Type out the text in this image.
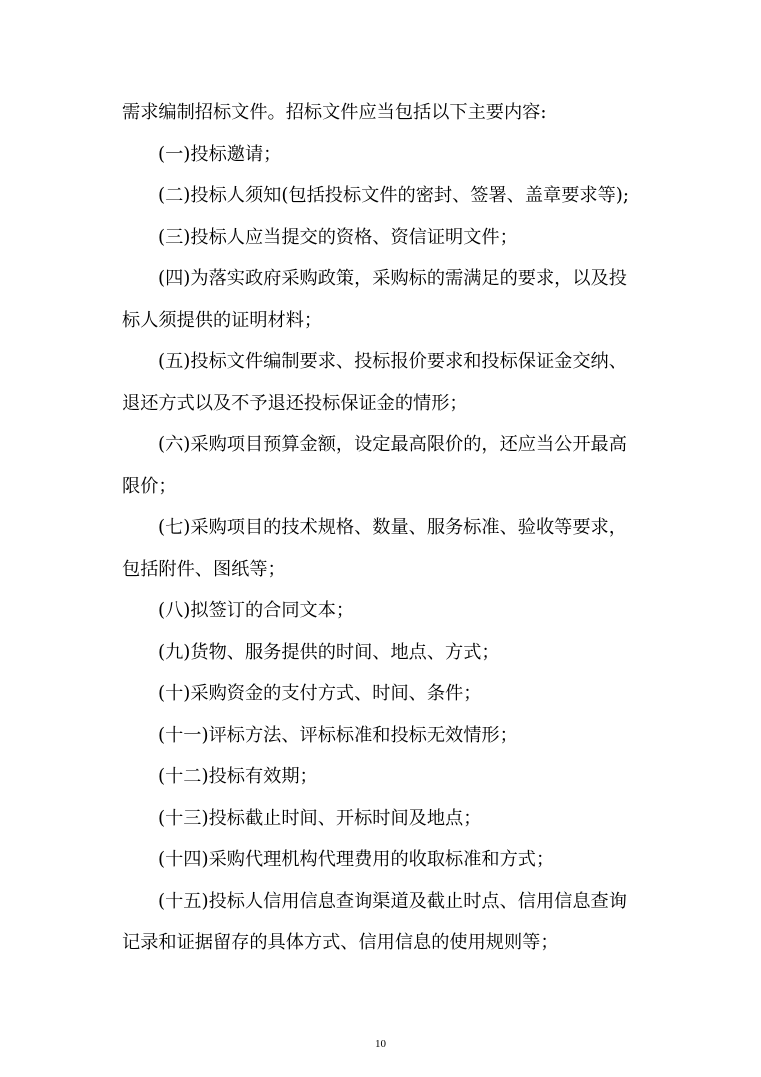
需求编制招标文件。招标文件应当包括以下主要内容:
(一)投标邀请；
(二)投标人须知(包括投标文件的密封、签署、盖章要求等);
(三)投标人应当提交的资格、资信证明文件；
(四)为落实政府采购政策，采购标的需满足的要求，以及投
标人须提供的证明材料；
(五)投标文件编制要求、投标报价要求和投标保证金交纳、
退还方式以及不予退还投标保证金的情形；
(六)采购项目预算金额，设定最高限价的，还应当公开最高
限价；
(七)采购项目的技术规格、数量、服务标准、验收等要求，
包括附件、图纸等；
(八)拟签订的合同文本；
(九)货物、服务提供的时间、地点、方式；
(十)采购资金的支付方式、时间、条件；
(十一)评标方法、评标标准和投标无效情形；
(十二)投标有效期；
(十三)投标截止时间、开标时间及地点；
(十四)采购代理机构代理费用的收取标准和方式；
(十五)投标人信用信息查询渠道及截止时点、信用信息查询
记录和证据留存的具体方式、信用信息的使用规则等；
10
